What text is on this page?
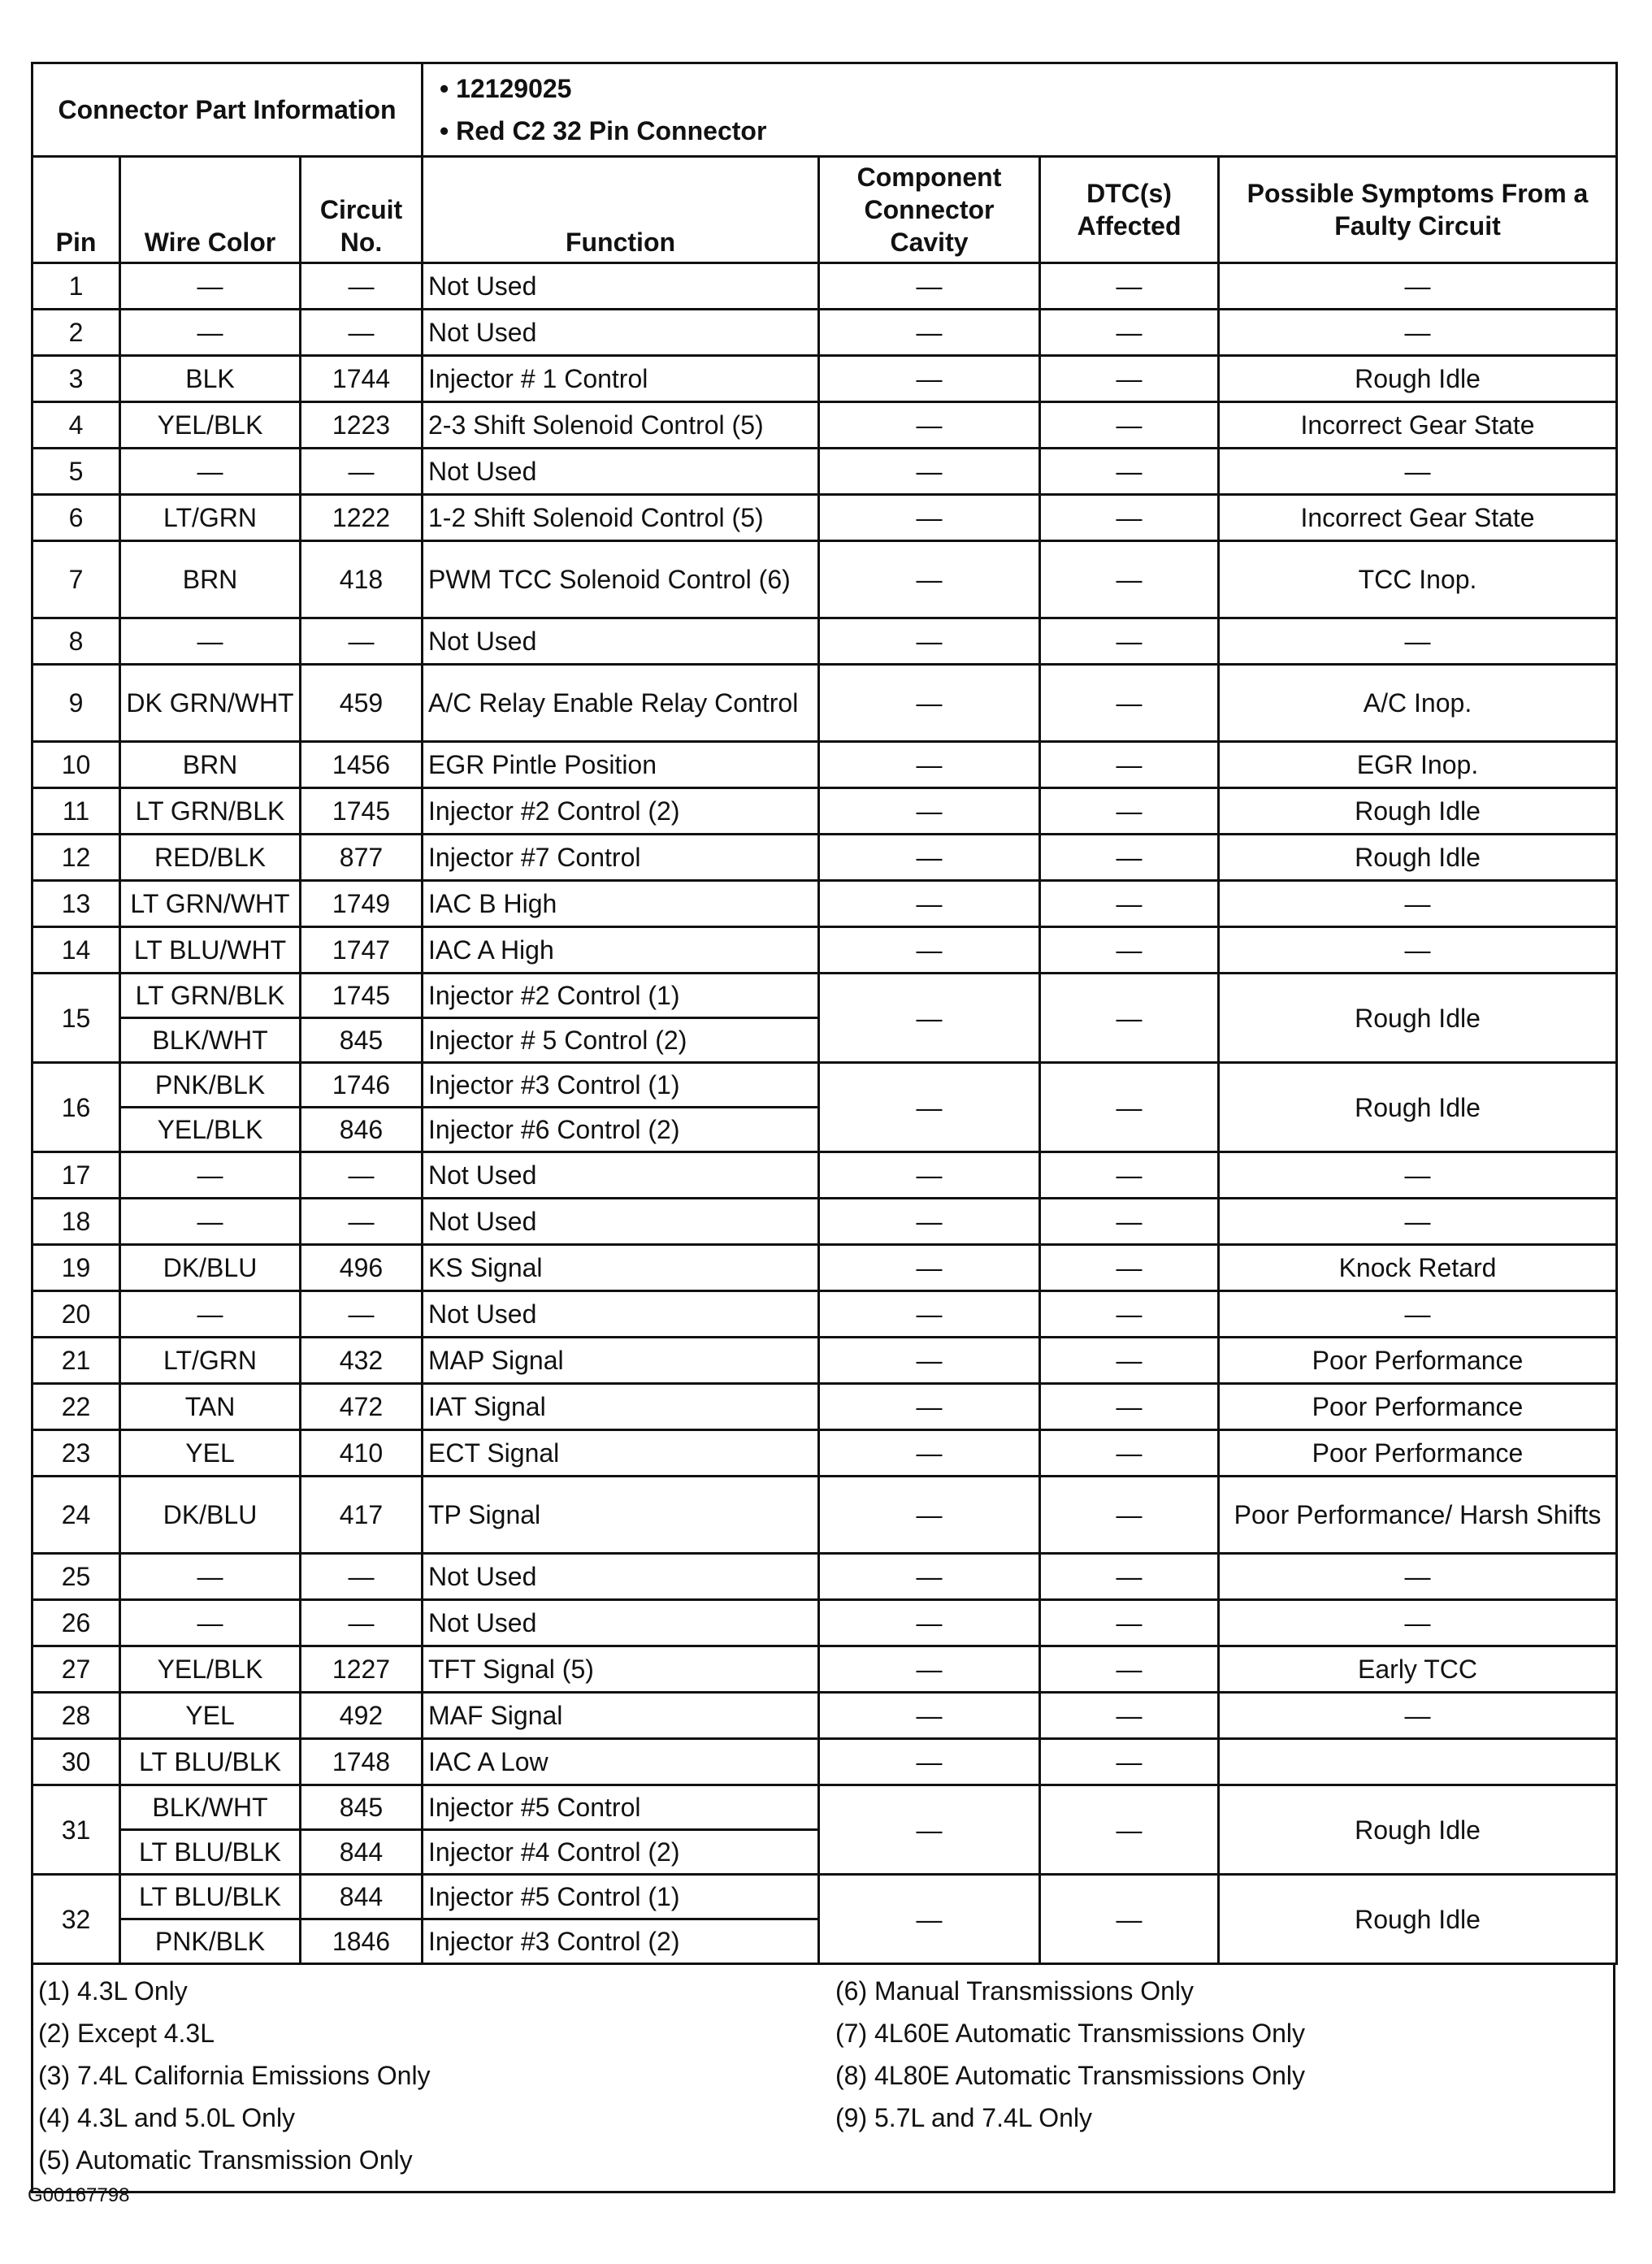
Connector Part Information			• 12129025
• Red C2 32 Pin Connector			

Pin	Wire Color	Circuit No.	Function	Component Connector Cavity	DTC(s) Affected	Possible Symptoms From a Faulty Circuit
1	—	—	Not Used	—	—	—
2	—	—	Not Used	—	—	—
3	BLK	1744	Injector # 1 Control	—	—	Rough Idle
4	YEL/BLK	1223	2-3 Shift Solenoid Control (5)	—	—	Incorrect Gear State
5	—	—	Not Used	—	—	—
6	LT/GRN	1222	1-2 Shift Solenoid Control (5)	—	—	Incorrect Gear State
7	BRN	418	PWM TCC Solenoid Control (6)	—	—	TCC Inop.
8	—	—	Not Used	—	—	—
9	DK GRN/WHT	459	A/C Relay Enable Relay Control	—	—	A/C Inop.
10	BRN	1456	EGR Pintle Position	—	—	EGR Inop.
11	LT GRN/BLK	1745	Injector #2 Control (2)	—	—	Rough Idle
12	RED/BLK	877	Injector #7 Control	—	—	Rough Idle
13	LT GRN/WHT	1749	IAC B High	—	—	—
14	LT BLU/WHT	1747	IAC A High	—	—	—
15	LT GRN/BLK	1745	Injector #2 Control (1)	—	—	Rough Idle
	BLK/WHT	845	Injector # 5 Control (2)			
16	PNK/BLK	1746	Injector #3 Control (1)	—	—	Rough Idle
	YEL/BLK	846	Injector #6 Control (2)			
17	—	—	Not Used	—	—	—
18	—	—	Not Used	—	—	—
19	DK/BLU	496	KS Signal	—	—	Knock Retard
20	—	—	Not Used	—	—	—
21	LT/GRN	432	MAP Signal	—	—	Poor Performance
22	TAN	472	IAT Signal	—	—	Poor Performance
23	YEL	410	ECT Signal	—	—	Poor Performance
24	DK/BLU	417	TP Signal	—	—	Poor Performance/ Harsh Shifts
25	—	—	Not Used	—	—	—
26	—	—	Not Used	—	—	—
27	YEL/BLK	1227	TFT Signal (5)	—	—	Early TCC
28	YEL	492	MAF Signal	—	—	—
30	LT BLU/BLK	1748	IAC A Low	—	—	
31	BLK/WHT	845	Injector #5 Control	—	—	Rough Idle
	LT BLU/BLK	844	Injector #4 Control (2)			
32	LT BLU/BLK	844	Injector #5 Control (1)	—	—	Rough Idle
	PNK/BLK	1846	Injector #3 Control (2)			
(1) 4.3L Only
(2) Except 4.3L
(3) 7.4L California Emissions Only
(4) 4.3L and 5.0L Only
(5) Automatic Transmission Only
(6) Manual Transmissions Only
(7) 4L60E Automatic Transmissions Only
(8) 4L80E Automatic Transmissions Only
(9) 5.7L and 7.4L Only
G00167798
